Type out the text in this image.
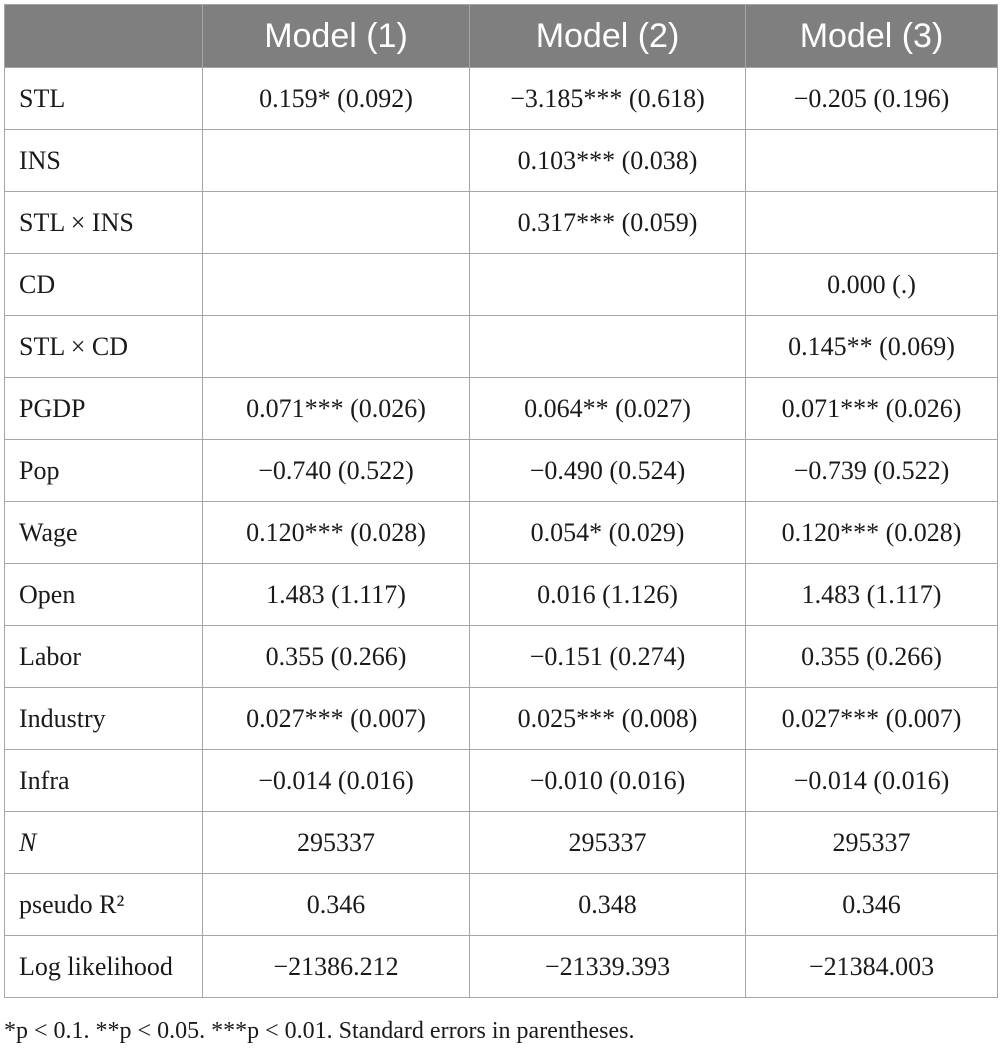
	Model (1)	Model (2)	Model (3)
STL	0.159* (0.092)	−3.185*** (0.618)	−0.205 (0.196)
INS		0.103*** (0.038)	
STL × INS		0.317*** (0.059)	
CD			0.000 (.)
STL × CD			0.145** (0.069)
PGDP	0.071*** (0.026)	0.064** (0.027)	0.071*** (0.026)
Pop	−0.740 (0.522)	−0.490 (0.524)	−0.739 (0.522)
Wage	0.120*** (0.028)	0.054* (0.029)	0.120*** (0.028)
Open	1.483 (1.117)	0.016 (1.126)	1.483 (1.117)
Labor	0.355 (0.266)	−0.151 (0.274)	0.355 (0.266)
Industry	0.027*** (0.007)	0.025*** (0.008)	0.027*** (0.007)
Infra	−0.014 (0.016)	−0.010 (0.016)	−0.014 (0.016)
N	295337	295337	295337
pseudo R²	0.346	0.348	0.346
Log likelihood	−21386.212	−21339.393	−21384.003
*p < 0.1. **p < 0.05. ***p < 0.01. Standard errors in parentheses.
